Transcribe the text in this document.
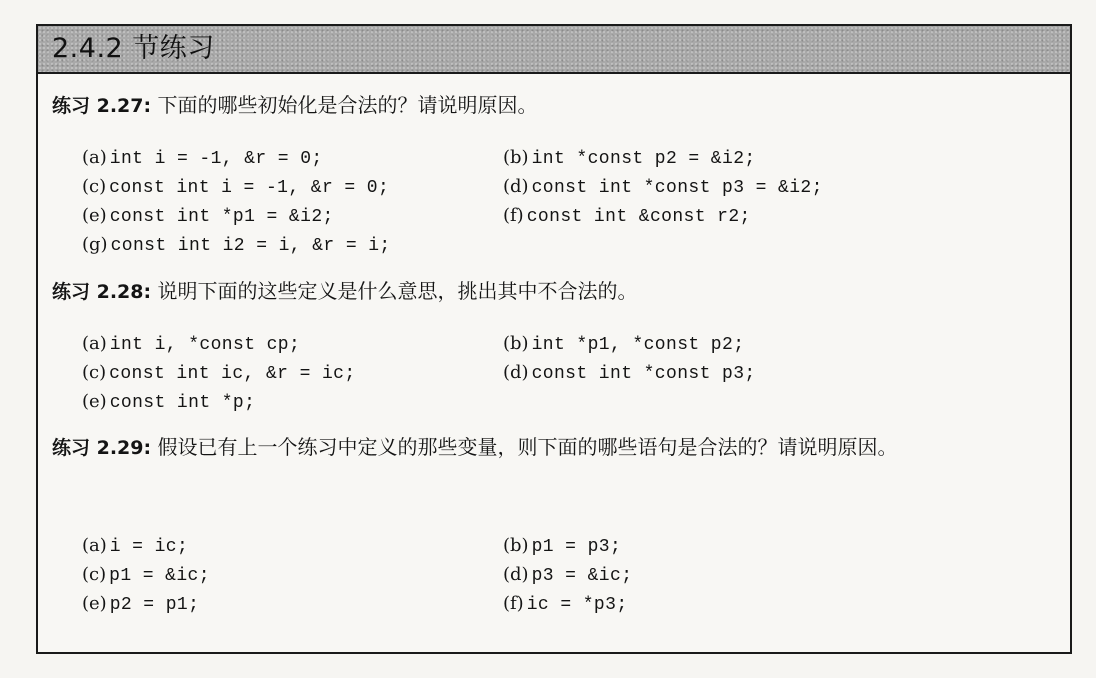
2.4.2 节练习
练习 2.27: 下面的哪些初始化是合法的？请说明原因。
(a) int i = -1, &r = 0;	(b) int *const p2 = &i2;
(c) const int i = -1, &r = 0;	(d) const int *const p3 = &i2;
(e) const int *p1 = &i2;	(f) const int &const r2;
(g) const int i2 = i, &r = i;
练习 2.28: 说明下面的这些定义是什么意思，挑出其中不合法的。
(a) int i, *const cp;	(b) int *p1, *const p2;
(c) const int ic, &r = ic;	(d) const int *const p3;
(e) const int *p;
练习 2.29: 假设已有上一个练习中定义的那些变量，则下面的哪些语句是合法的？请说明原因。
(a) i = ic;	(b) p1 = p3;
(c) p1 = &ic;	(d) p3 = &ic;
(e) p2 = p1;	(f) ic = *p3;
